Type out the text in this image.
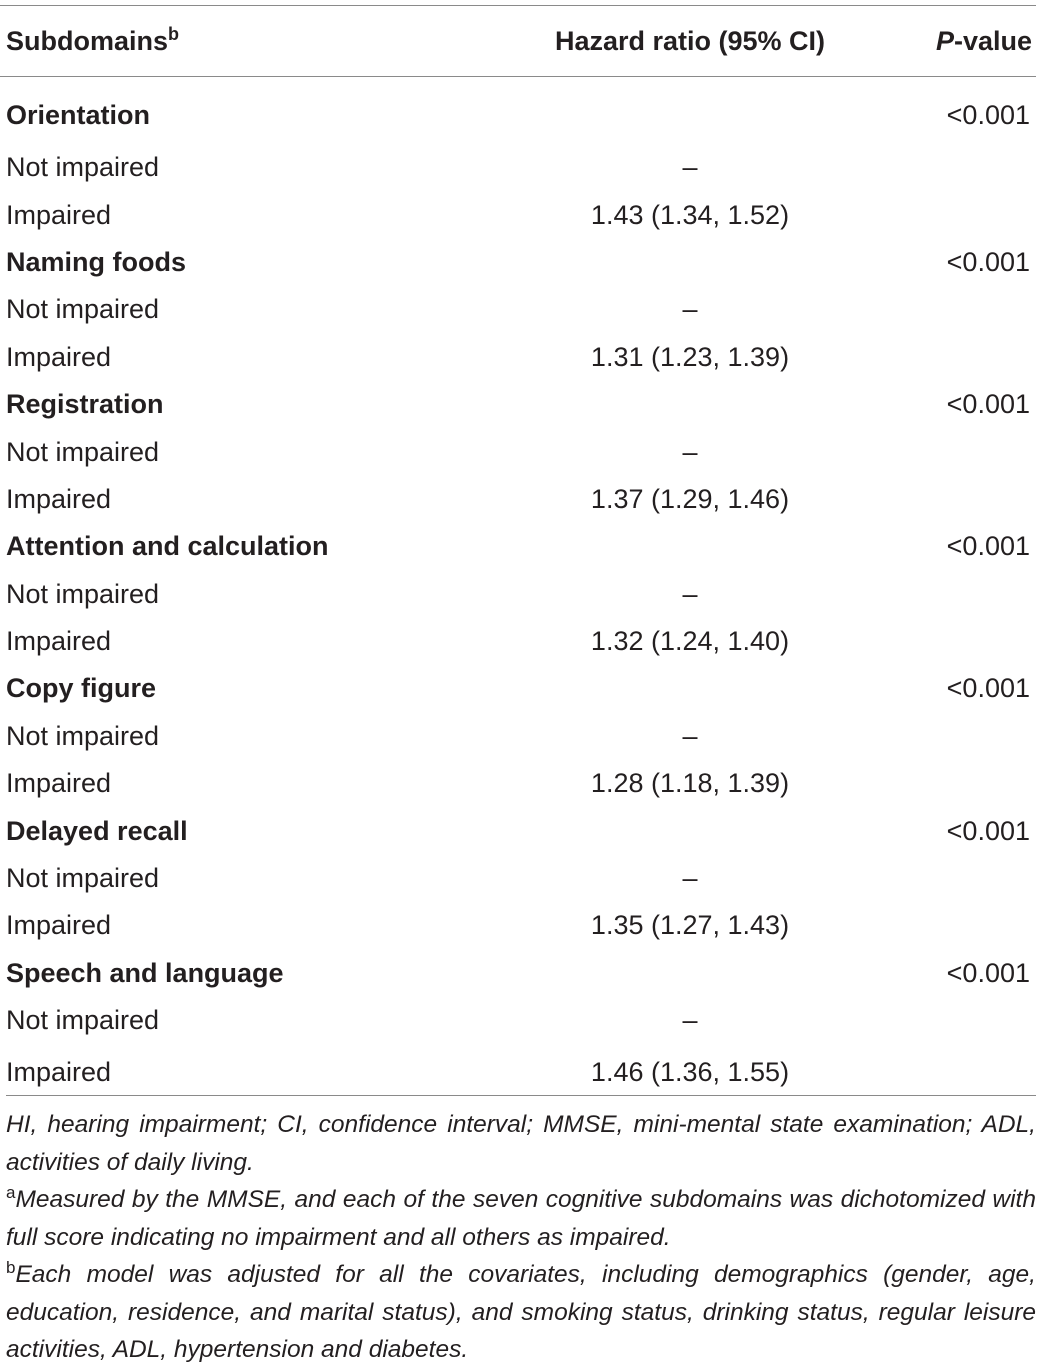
Subdomains$^b$	Hazard ratio (95% CI)	P-value
Orientation		<0.001
Not impaired	–	
Impaired	1.43 (1.34, 1.52)	
Naming foods		<0.001
Not impaired	–	
Impaired	1.31 (1.23, 1.39)	
Registration		<0.001
Not impaired	–	
Impaired	1.37 (1.29, 1.46)	
Attention and calculation		<0.001
Not impaired	–	
Impaired	1.32 (1.24, 1.40)	
Copy figure		<0.001
Not impaired	–	
Impaired	1.28 (1.18, 1.39)	
Delayed recall		<0.001
Not impaired	–	
Impaired	1.35 (1.27, 1.43)	
Speech and language		<0.001
Not impaired	–	
Impaired	1.46 (1.36, 1.55)	

HI, hearing impairment; CI, confidence interval; MMSE, mini-mental state examination; ADL, activities of daily living.

$^a$Measured by the MMSE, and each of the seven cognitive subdomains was dichotomized with full score indicating no impairment and all others as impaired.

$^b$Each model was adjusted for all the covariates, including demographics (gender, age, education, residence, and marital status), and smoking status, drinking status, regular leisure activities, ADL, hypertension and diabetes.
